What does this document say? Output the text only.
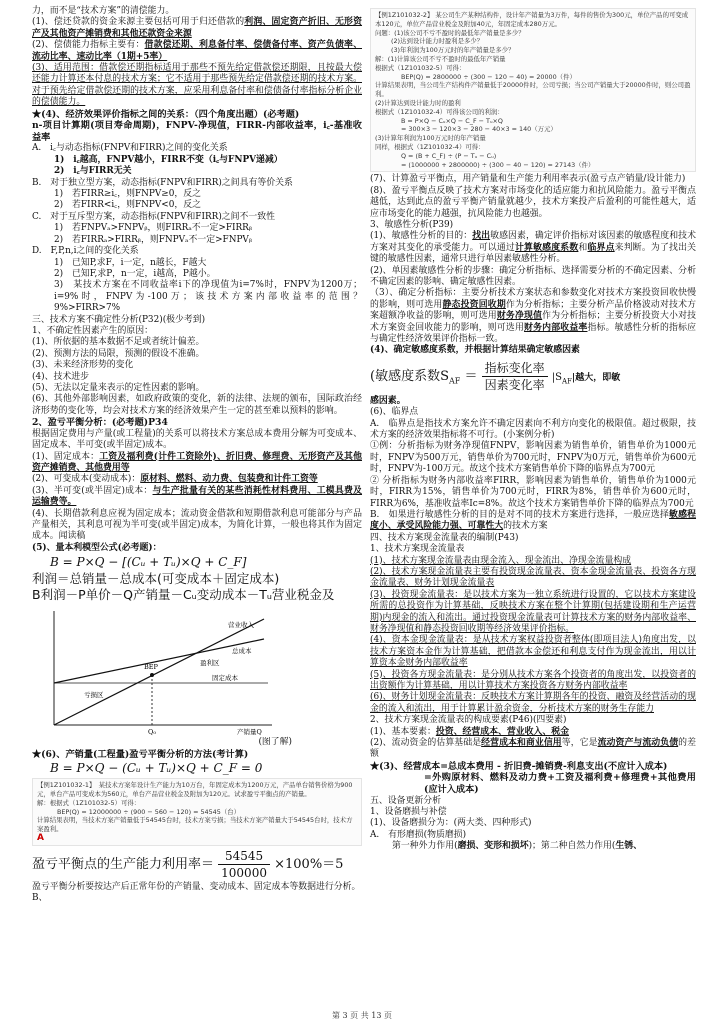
力，而不是“技术方案”的清偿能力。

(1)、偿还贷款的资金来源主要包括可用于归还借款的利润、固定资产折旧、无形资产及其他资产摊销费和其他还款资金来源

(2)、偿债能力指标主要有：借款偿还期、利息备付率、偿债备付率、资产负债率、流动比率、速动比率（1期+5率）

(3)、适用范围：借款偿还期指标适用于那些不预先给定借款偿还期限，且按最大偿还能力计算还本付息的技术方案；它不适用于那些预先给定借款偿还期的技术方案。对于预先给定借款偿还期的技术方案，应采用利息备付率和偿债备付率指标分析企业的偿债能力。

★(4)、经济效果评价指标之间的关系：（四个角度出题）(必考题)

n-项目计算期(项目寿命周期)，FNPV-净现值，FIRR-内部收益率，i꜀-基准收益率

A.　i꜀与动态指标(FNPV和FIRR)之间的变化关系

1)　i꜀越高，FNPV越小，FIRR不变（i꜀与FNPV递减）

2)　i꜀与FIRR无关

B.　对于独立型方案，动态指标(FNPV和FIRR)之间具有等价关系

1)　若FIRR≥i꜀，则FNPV≥0，反之

2)　若FIRR<i꜀，则FNPV<0，反之

C.　对于互斥型方案，动态指标(FNPV和FIRR)之间不一致性

1)　若FNPVₐ>FNPVᵦ，则FIRRₐ不一定>FIRRᵦ

2)　若FIRRₐ>FIRRᵦ，则FNPVₐ不一定>FNPVᵦ

D.　F,P,n,i之间的变化关系

1)　已知P,求F，i一定，n越长，F越大

2)　已知F,求P，n一定，i越高，P越小。

3)　某技术方案在不同收益率i下的净现值为i=7%时，FNPV为1200万；i=9%时，FNPV为-100万；该技术方案内部收益率的范围？　9%>FIRR>7%

三、技术方案不确定性分析(P32)(极少考到)

1、不确定性因素产生的原因：

(1)、所依据的基本数据不足或者统计偏差。

(2)、预测方法的局限，预测的假设不准确。

(3)、未来经济形势的变化

(4)、技术进步

(5)、无法以定量来表示的定性因素的影响。

(6)、其他外部影响因素，如政府政策的变化，新的法律、法规的颁布，国际政治经济形势的变化等，均会对技术方案的经济效果产生一定的甚至难以预料的影响。

2、盈亏平衡分析：(必考题)P34

根据固定费用与产量(或工程量)的关系可以将技术方案总成本费用分解为可变成本、固定成本、半可变(或半固定)成本。

(1)、固定成本：工资及福利费(计件工资除外)、折旧费、修理费、无形资产及其他资产摊销费、其他费用等

(2)、可变成本(变动成本)：原材料、燃料、动力费、包装费和计件工资等

(3)、半可变(或半固定)成本：与生产批量有关的某些消耗性材料费用、工模具费及运输费等。

(4)、长期借款利息应视为固定成本；流动资金借款和短期借款利息可能部分与产品产量相关，其利息可视为半可变(或半固定)成本，为简化计算，一般也将其作为固定成本。闻读稿

(5)、量本利模型公式(必考题)：

B = P×Q − [(Cᵤ + Tᵤ)×Q + C_F]

利润＝总销量－总成本(可变成本＋固定成本)

B利润－P单价－Q产销量－Cᵤ变动成本－Tᵤ营业税金及

营业收入
总成本
盈利区
亏损区
BEP
固定成本
Q₀	产销量Q

(图了解)

★(6)、产销量(工程量)盈亏平衡分析的方法(考计算)

B = P×Q − (Cᵤ + Tᵤ)×Q + C_F = 0

【例1Z101032-1】　某技术方案年设计生产能力为10万台，年固定成本为1200万元，产品单台销售价格为900元，单台产品可变成本为560元，单台产品营业税金及附加为120元。试求盈亏平衡点的产销量。
解：根据式（1Z101032-5）可得：
BEP(Q) = 12000000 ÷ (900 − 560 − 120) = 54545（台）
计算结果表明，当技术方案产销量低于54545台时，技术方案亏损；当技术方案产销量大于54545台时，技术方案盈利。
A
盈亏平衡点的生产能力利用率＝ $\frac{54545}{100000} \times 100\%=5$

盈亏平衡分析要按达产后正常年份的产销量、变动成本、固定成本等数据进行分析。

B、

【例1Z101032-2】 某公司生产某种结构件，设计年产销量为3万件，每件的售价为300元，单位产品的可变成本120元，单位产品营业税金及附加40元，年固定成本280万元。
问题：(1)该公司不亏不盈时的最低年产销量是多少？
(2)达到设计能力时盈利是多少？
(3)年利润为100万元时的年产销量是多少？
解：(1)计算该公司不亏不盈时的最低年产销量
根据式（1Z101032-5）可得：
BEP(Q) = 2800000 ÷ (300 − 120 − 40) = 20000（件）
计算结果表明，当公司生产结构件产销量低于20000件时，公司亏损；当公司产销量大于20000件时，则公司盈利。
(2)计算达到设计能力时的盈利
根据式（1Z101032-4）可得该公司的利润：
B = P×Q − Cᵤ×Q − C_F − Tᵤ×Q
= 300×3 − 120×3 − 280 − 40×3 = 140（万元）
(3)计算年利润为100万元时的年产销量
同样，根据式（1Z101032-4）可得：
Q = (B + C_F) ÷ (P − Tᵤ − Cᵤ)
= (1000000 + 2800000) ÷ (300 − 40 − 120) = 27143（件）

(7)、计算盈亏平衡点，用产销量和生产能力利用率表示(盈亏点产销量/设计能力)

(8)、盈亏平衡点反映了技术方案对市场变化的适应能力和抗风险能力。盈亏平衡点越低，达到此点的盈亏平衡产销量就越少，技术方案投产后盈利的可能性越大，适应市场变化的能力越强，抗风险能力也越强。

3、敏感性分析(P39)

(1)、敏感性分析的目的：找出敏感因素，确定评价指标对该因素的敏感程度和技术方案对其变化的承受能力。可以通过计算敏感度系数和临界点来判断。为了找出关键的敏感性因素，通常只进行单因素敏感性分析。

(2)、单因素敏感性分析的步骤：确定分析指标、选择需要分析的不确定因素、分析不确定因素的影响、确定敏感性因素。

（3）、确定分析指标：主要分析技术方案状态和参数变化对技术方案投资回收快慢的影响，则可选用静态投资回收期作为分析指标；主要分析产品价格波动对技术方案超额净收益的影响，则可选用财务净现值作为分析指标；主要分析投资大小对技术方案资金回收能力的影响，则可选用财务内部收益率指标。敏感性分析的指标应与确定性经济效果评价指标一致。

(4)、确定敏感度系数，并根据计算结果确定敏感因素

(敏感度系数$S_{AF} = \frac{\text{指标变化率}}{\text{因素变化率}} |S_{AF}|$越大，即敏

感因素。

(6)、临界点

A.　临界点是指技术方案允许不确定因素向不利方向变化的极限值。超过极限，技术方案的经济效果指标将不可行。(小案例分析)

①例：分析指标为财务净现值FNPV，影响因素为销售单价，销售单价为1000元时，FNPV为500万元，销售单价为700元时，FNPV为0万元，销售单价为600元时，FNPV为-100万元。故这个技术方案销售单价下降的临界点为700元

② 分析指标为财务内部收益率FIRR，影响因素为销售单价，销售单价为1000元时，FIRR为15%，销售单价为700元时，FIRR为8%，销售单价为600元时，FIRR为6%，基准收益率Ic=8%。故这个技术方案销售单价下降的临界点为700元

B.　如果进行敏感性分析的目的是对不同的技术方案进行选择，一般应选择敏感程度小、承受风险能力强、可靠性大的技术方案

四、技术方案现金流量表的编制(P43)

1、技术方案现金流量表

(1)、技术方案现金流量表由现金流入、现金流出、净现金流量构成

(2)、技术方案现金流量表主要有投资现金流量表、资本金现金流量表、投资各方现金流量表、财务计划现金流量表

(3)、投资现金流量表：是以技术方案为一独立系统进行设置的，它以技术方案建设所需的总投资作为计算基础，反映技术方案在整个计算期(包括建设期和生产运营期)内现金的流入和流出。通过投资现金流量表可计算技术方案的财务内部收益率、财务净现值和静态投资回收期等经济效果评价指标。

(4)、资本金现金流量表：是从技术方案权益投资者整体(即项目法人)角度出发，以技术方案资本金作为计算基础，把借款本金偿还和利息支付作为现金流出，用以计算资本金财务内部收益率

(5)、投资各方现金流量表：是分别从技术方案各个投资者的角度出发，以投资者的出资额作为计算基础，用以计算技术方案投资各方财务内部收益率

(6)、财务计划现金流量表：反映技术方案计算期各年的投资、融资及经营活动的现金的流入和流出，用于计算累计盈余资金，分析技术方案的财务生存能力

2、技术方案现金流量表的构成要素(P46)(四要素)

(1)、基本要素：投资、经营成本、营业收入、税金

(2)、流动资金的估算基础是经营成本和商业信用等，它是流动资产与流动负债的差额

★(3)、经营成本=总成本费用 - 折旧费-摊销费-利息支出(不应计入成本)

=外购原材料、燃料及动力费+工资及福利费+修理费+其他费用(应计入成本)

五、设备更新分析

1、设备磨损与补偿

(1)、设备磨损分为：(两大类、四种形式)

A.　有形磨损(物质磨损)

第一种外力作用(磨损、变形和损坏)；第二种自然力作用(生锈、

第 3 页 共 13 页
